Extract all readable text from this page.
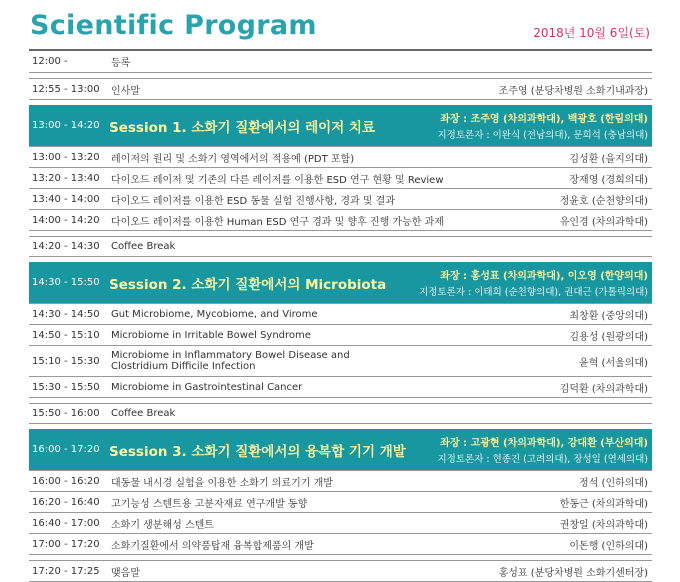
Scientific Program	2018년 10월 6일(토)
12:00 -	등록
12:55 - 13:00	인사말	조주영 (분당차병원 소화기내과장)
13:00 - 14:20 Session 1. 소화기 질환에서의 레이저 치료	좌장 : 조주영 (차의과학대), 백광호 (한림의대)
지정토론자 : 이완식 (전남의대), 문희석 (충남의대)
13:00 - 13:20	레이저의 원리 및 소화기 영역에서의 적용예 (PDT 포함)	김성환 (을지의대)
13:20 - 13:40	다이오드 레이저 및 기존의 다른 레이저를 이용한 ESD 연구 현황 및 Review	장재영 (경희의대)
13:40 - 14:00	다이오드 레이저를 이용한 ESD 동물 실험 진행사항, 경과 및 결과	정윤호 (순천향의대)
14:00 - 14:20	다이오드 레이저를 이용한 Human ESD 연구 경과 및 향후 진행 가능한 과제	유인경 (차의과학대)
14:20 - 14:30	Coffee Break
14:30 - 15:50 Session 2. 소화기 질환에서의 Microbiota	좌장 : 홍성표 (차의과학대), 이오영 (한양의대)
지정토론자 : 이태희 (순천향의대), 권대근 (가톨릭의대)
14:30 - 14:50	Gut Microbiome, Mycobiome, and Virome	최창환 (중앙의대)
14:50 - 15:10	Microbiome in Irritable Bowel Syndrome	김용성 (원광의대)
15:10 - 15:30	Microbiome in Inflammatory Bowel Disease and
Clostridium Difficile Infection	윤혁 (서울의대)
15:30 - 15:50	Microbiome in Gastrointestinal Cancer	김덕환 (차의과학대)
15:50 - 16:00	Coffee Break
16:00 - 17:20 Session 3. 소화기 질환에서의 융복합 기기 개발	좌장 : 고광현 (차의과학대), 강대환 (부산의대)
지정토론자 : 현종진 (고려의대), 장성일 (연세의대)
16:00 - 16:20	대동물 내시경 실험을 이용한 소화기 의료기기 개발	정석 (인하의대)
16:20 - 16:40	고기능성 스텐트용 고분자재료 연구개발 동향	한동근 (차의과학대)
16:40 - 17:00	소화기 생분해성 스텐트	권창일 (차의과학대)
17:00 - 17:20	소화기질환에서 의약품탑재 융복합제품의 개발	이돈행 (인하의대)
17:20 - 17:25	맺음말	홍성표 (분당차병원 소화기센터장)
